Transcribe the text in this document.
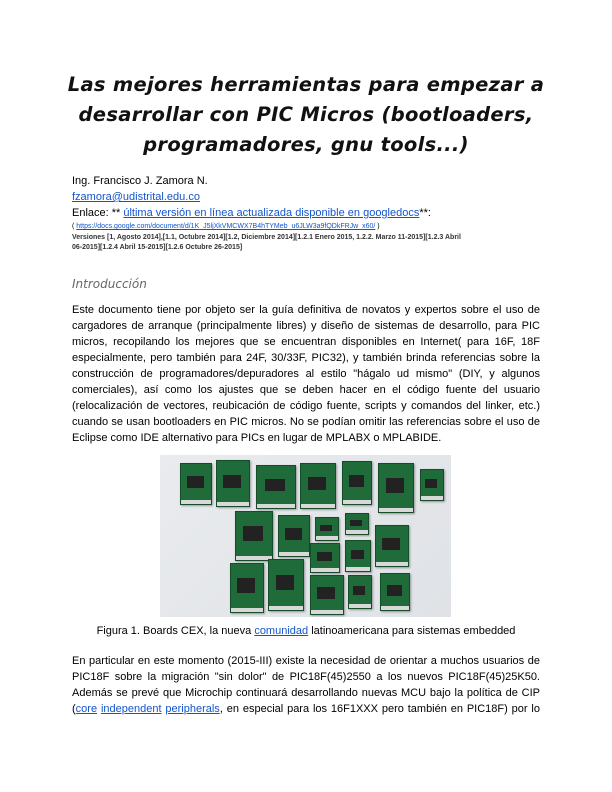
Las mejores herramientas para empezar a
desarrollar con PIC Micros (bootloaders,
programadores, gnu tools...)
Ing. Francisco J. Zamora N.
fzamora@udistrital.edu.co
Enlace: ** última versión en línea actualizada disponible en googledocs**:
( https://docs.google.com/document/d/1K_J5ljXkVMCWX7B4hTYMeb_u6JLW3a9fQDkFRJw_x60/ )
Versiones [1, Agosto 2014],[1.1, Octubre 2014][1.2, Diciembre 2014][1.2.1 Enero 2015, 1.2.2. Marzo 11-2015][1.2.3 Abril
06-2015][1.2.4 Abril 15-2015][1.2.6 Octubre 26-2015]
Introducción
Este documento tiene por objeto ser la guía definitiva de novatos y expertos sobre el uso de
cargadores de arranque (principalmente libres) y diseño de sistemas de desarrollo, para PIC
micros, recopilando los mejores que se encuentran disponibles en Internet( para 16F, 18F
especialmente, pero también para 24F, 30/33F, PIC32), y también brinda referencias sobre la
construcción de programadores/depuradores al estilo "hágalo ud mismo" (DIY, y algunos
comerciales), así como los ajustes que se deben hacer en el código fuente del usuario
(relocalización de vectores, reubicación de código fuente, scripts y comandos del linker, etc.)
cuando se usan bootloaders en PIC micros. No se podían omitir las referencias sobre el uso de
Eclipse como IDE alternativo para PICs en lugar de MPLABX o MPLABIDE.
Figura 1. Boards CEX, la nueva comunidad latinoamericana para sistemas embedded
En particular en este momento (2015-III) existe la necesidad de orientar a muchos usuarios de
PIC18F sobre la migración "sin dolor" de PIC18F(45)2550 a los nuevos PIC18F(45)25K50.
Además se prevé que Microchip continuará desarrollando nuevas MCU bajo la política de CIP
(core independent peripherals, en especial para los 16F1XXX pero también en PIC18F) por lo
